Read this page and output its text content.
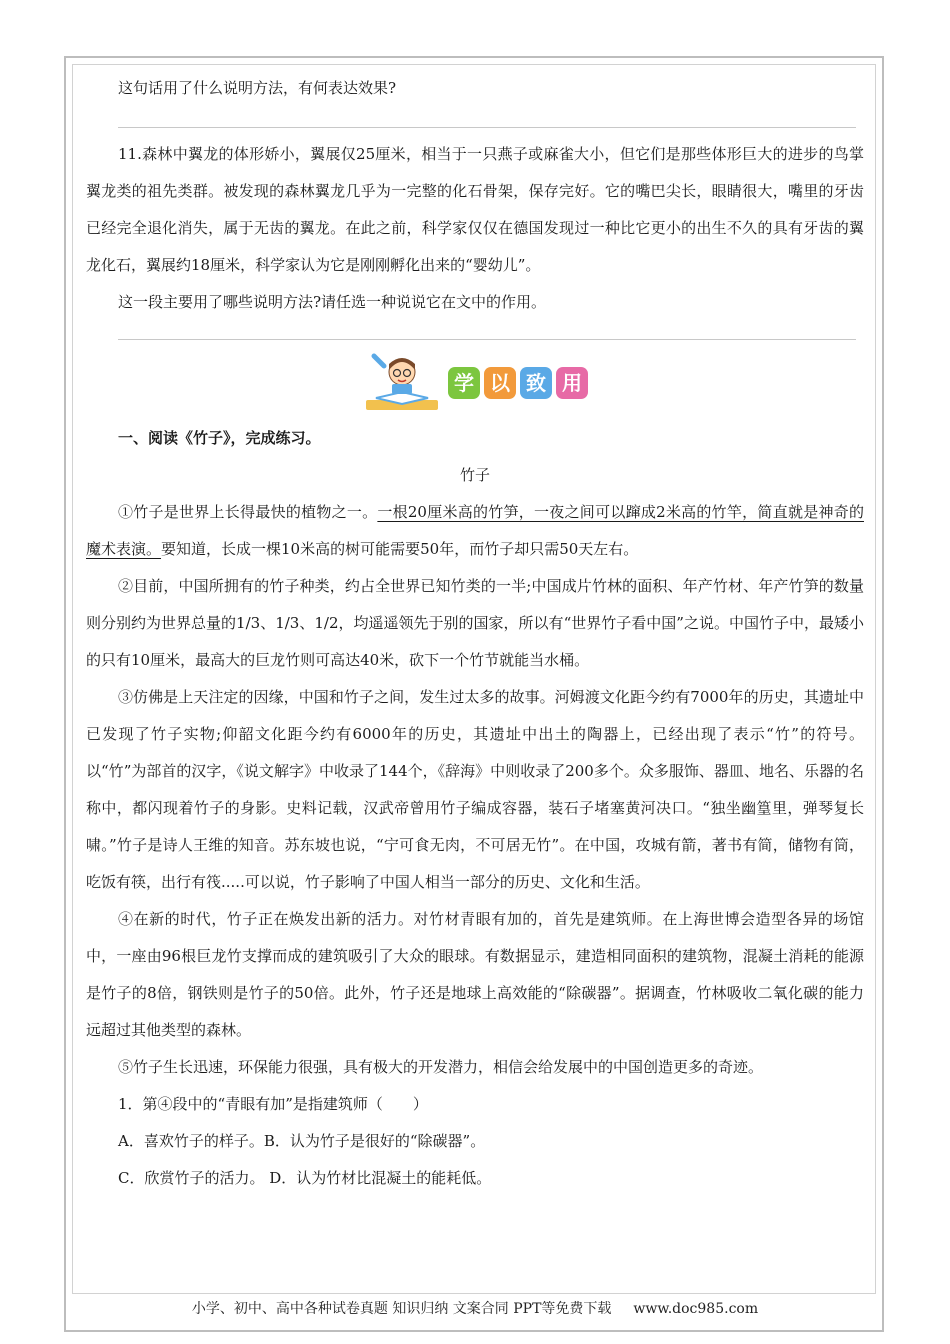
这句话用了什么说明方法，有何表达效果?

11.森林中翼龙的体形娇小，翼展仅25厘米，相当于一只燕子或麻雀大小，但它们是那些体形巨大的进步的鸟掌翼龙类的祖先类群。被发现的森林翼龙几乎为一完整的化石骨架，保存完好。它的嘴巴尖长，眼睛很大，嘴里的牙齿已经完全退化消失，属于无齿的翼龙。在此之前，科学家仅仅在德国发现过一种比它更小的出生不久的具有牙齿的翼龙化石，翼展约18厘米，科学家认为它是刚刚孵化出来的“婴幼儿”。

这一段主要用了哪些说明方法?请任选一种说说它在文中的作用。

学 以 致 用

一、阅读《竹子》，完成练习。

竹子

①竹子是世界上长得最快的植物之一。一根20厘米高的竹笋，一夜之间可以蹿成2米高的竹竿，简直就是神奇的魔术表演。要知道，长成一棵10米高的树可能需要50年，而竹子却只需50天左右。

②目前，中国所拥有的竹子种类，约占全世界已知竹类的一半;中国成片竹林的面积、年产竹材、年产竹笋的数量则分别约为世界总量的1/3、1/3、1/2，均遥遥领先于别的国家，所以有“世界竹子看中国”之说。中国竹子中，最矮小的只有10厘米，最高大的巨龙竹则可高达40米，砍下一个竹节就能当水桶。

③仿佛是上天注定的因缘，中国和竹子之间，发生过太多的故事。河姆渡文化距今约有7000年的历史，其遗址中已发现了竹子实物;仰韶文化距今约有6000年的历史，其遗址中出土的陶器上，已经出现了表示“竹”的符号。以“竹”为部首的汉字，《说文解字》中收录了144个，《辞海》中则收录了200多个。众多服饰、器皿、地名、乐器的名称中，都闪现着竹子的身影。史料记载，汉武帝曾用竹子编成容器，装石子堵塞黄河决口。“独坐幽篁里，弹琴复长啸。”竹子是诗人王维的知音。苏东坡也说，“宁可食无肉，不可居无竹”。在中国，攻城有箭，著书有简，储物有筒，吃饭有筷，出行有筏.....可以说，竹子影响了中国人相当一部分的历史、文化和生活。

④在新的时代，竹子正在焕发出新的活力。对竹材青眼有加的，首先是建筑师。在上海世博会造型各异的场馆中，一座由96根巨龙竹支撑而成的建筑吸引了大众的眼球。有数据显示，建造相同面积的建筑物，混凝土消耗的能源是竹子的8倍，钢铁则是竹子的50倍。此外，竹子还是地球上高效能的“除碳器”。据调查，竹林吸收二氧化碳的能力远超过其他类型的森林。

⑤竹子生长迅速，环保能力很强，具有极大的开发潜力，相信会给发展中的中国创造更多的奇迹。

1．第④段中的“青眼有加”是指建筑师（　　）

A．喜欢竹子的样子。B．认为竹子是很好的“除碳器”。

C．欣赏竹子的活力。 D．认为竹材比混凝土的能耗低。

小学、初中、高中各种试卷真题 知识归纳 文案合同 PPT等免费下载 www.doc985.com
